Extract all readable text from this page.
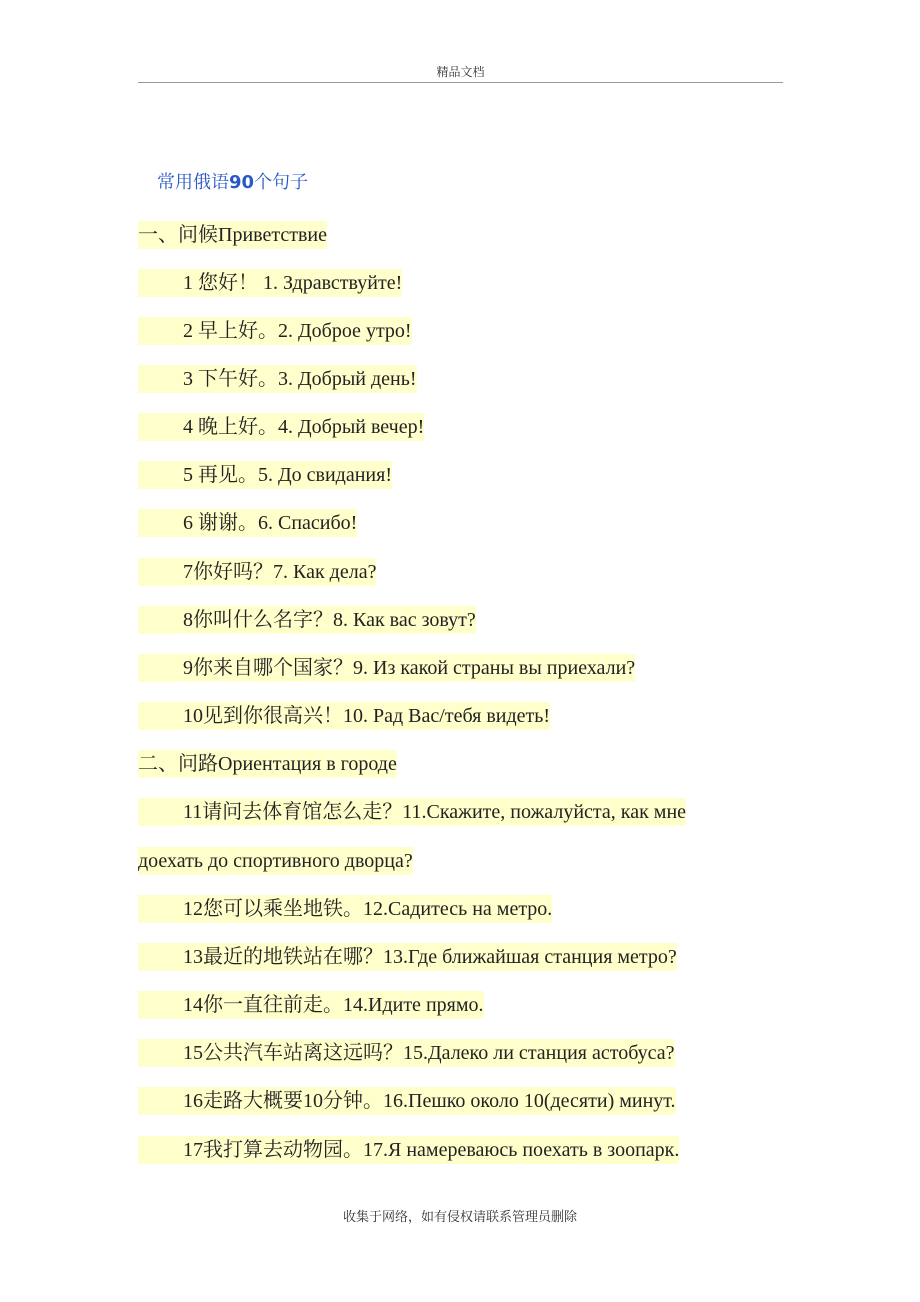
精品文档
常用俄语90个句子
一、问候Приветствие
1 您好！ 1. Здравствуйте!
2 早上好。2. Доброе утро!
3 下午好。3. Добрый день!
4 晚上好。4. Добрый вечер!
5 再见。5. До свидания!
6 谢谢。6. Спасибо!
7你好吗？7. Как дела?
8你叫什么名字？8. Как вас зовут?
9你来自哪个国家？9. Из какой страны вы приехали?
10见到你很高兴！10. Рад Вас/тебя видеть!
二、问路Ориентация в городе
11请问去体育馆怎么走？11.Скажите, пожалуйста, как мне
доехать до спортивного дворца?
12您可以乘坐地铁。12.Садитесь на метро.
13最近的地铁站在哪？13.Где ближайшая станция метро?
14你一直往前走。14.Идите прямо.
15公共汽车站离这远吗？15.Далеко ли станция астобуса?
16走路大概要10分钟。16.Пешко около 10(десяти) минут.
17我打算去动物园。17.Я намереваюсь поехать в зоопарк.
收集于网络，如有侵权请联系管理员删除
